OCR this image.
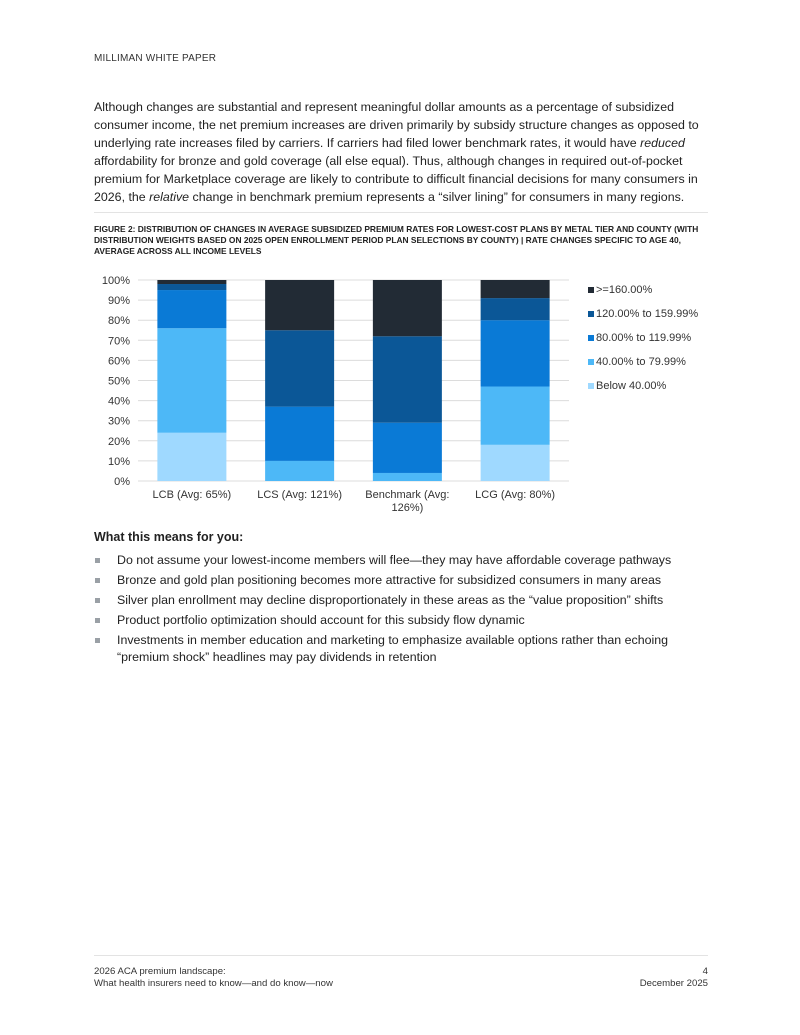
MILLIMAN WHITE PAPER

Although changes are substantial and represent meaningful dollar amounts as a percentage of subsidized consumer income, the net premium increases are driven primarily by subsidy structure changes as opposed to underlying rate increases filed by carriers. If carriers had filed lower benchmark rates, it would have reduced affordability for bronze and gold coverage (all else equal). Thus, although changes in required out-of-pocket premium for Marketplace coverage are likely to contribute to difficult financial decisions for many consumers in 2026, the relative change in benchmark premium represents a “silver lining” for consumers in many regions.

FIGURE 2: DISTRIBUTION OF CHANGES IN AVERAGE SUBSIDIZED PREMIUM RATES FOR LOWEST-COST PLANS BY METAL TIER AND COUNTY (WITH DISTRIBUTION WEIGHTS BASED ON 2025 OPEN ENROLLMENT PERIOD PLAN SELECTIONS BY COUNTY) | RATE CHANGES SPECIFIC TO AGE 40, AVERAGE ACROSS ALL INCOME LEVELS

0%
10%
20%
30%
40%
50%
60%
70%
80%
90%
100%
LCB (Avg: 65%) LCS (Avg: 121%) Benchmark (Avg: 126%)
LCG (Avg: 80%)
>=160.00%
120.00% to 159.99%
80.00% to 119.99%
40.00% to 79.99%
Below 40.00%

What this means for you:

Do not assume your lowest-income members will flee—they may have affordable coverage pathways
Bronze and gold plan positioning becomes more attractive for subsidized consumers in many areas
Silver plan enrollment may decline disproportionately in these areas as the “value proposition” shifts
Product portfolio optimization should account for this subsidy flow dynamic
Investments in member education and marketing to emphasize available options rather than echoing “premium shock” headlines may pay dividends in retention
2026 ACA premium landscape:
What health insurers need to know—and do know—now
4
December 2025
